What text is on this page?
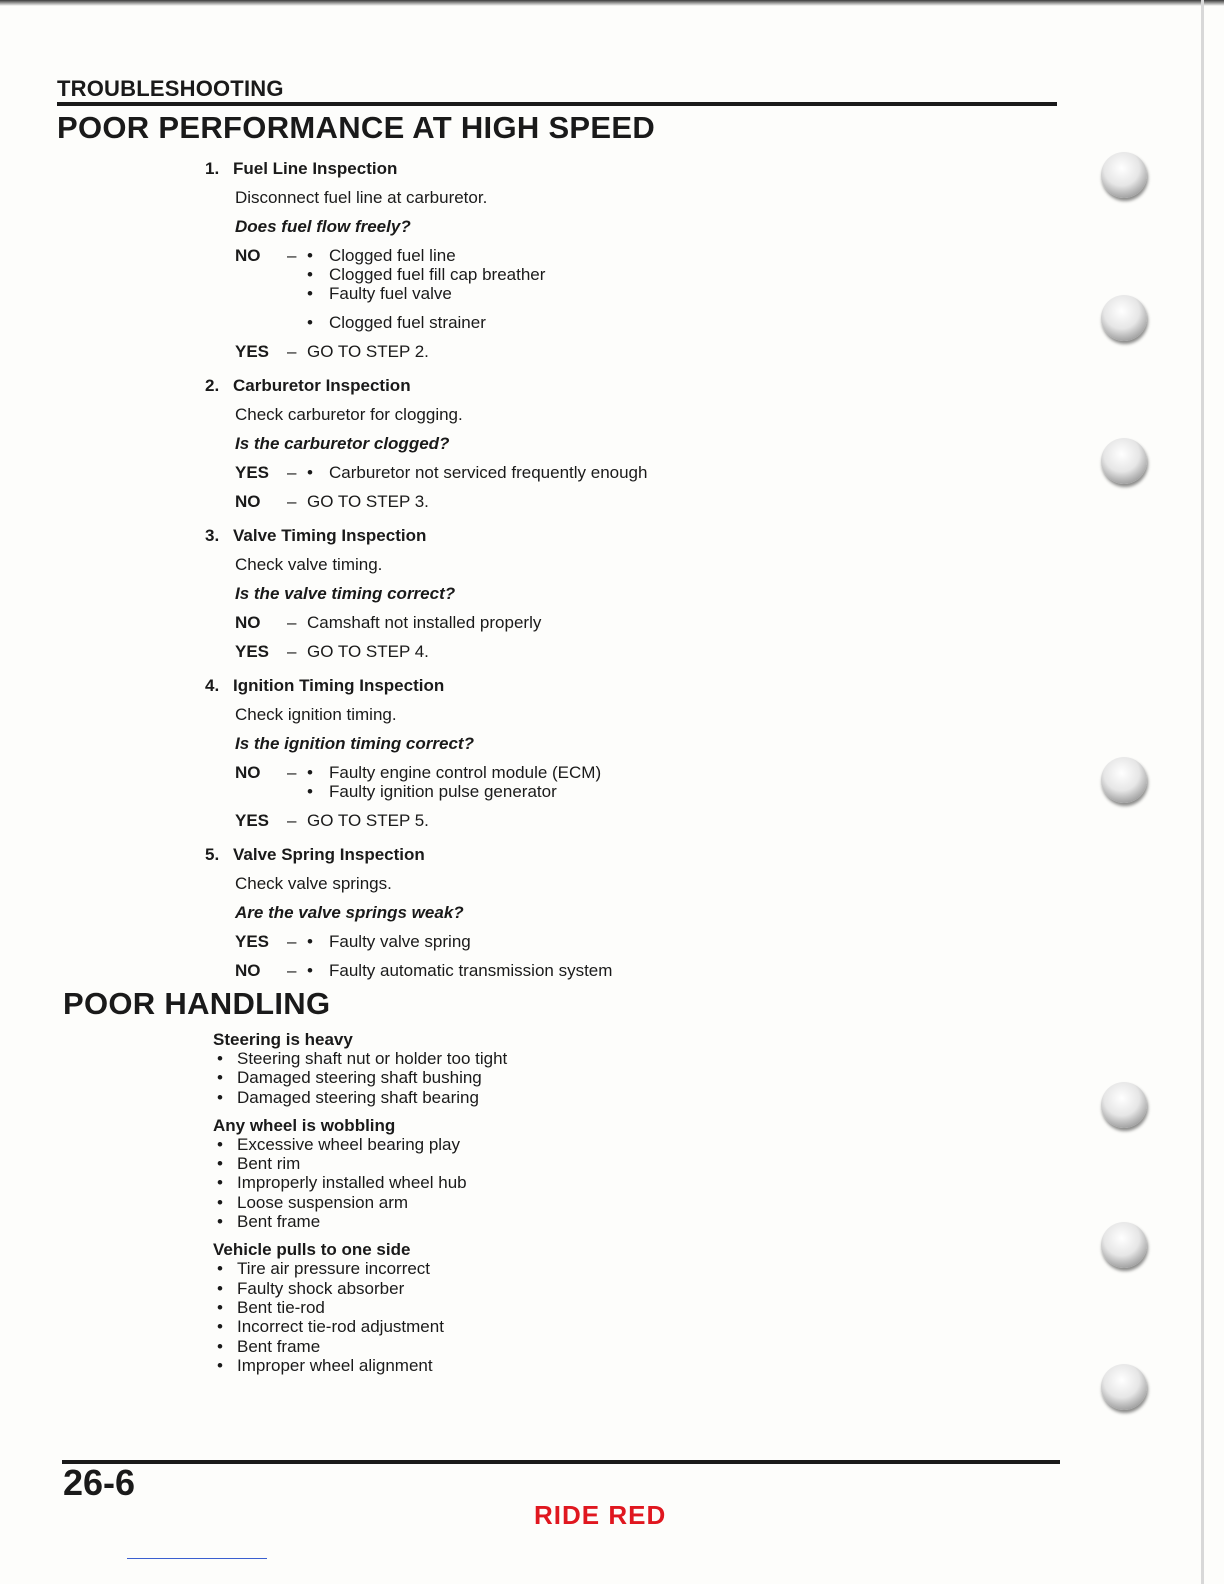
TROUBLESHOOTING
POOR PERFORMANCE AT HIGH SPEED
1. Fuel Line Inspection
Disconnect fuel line at carburetor.
Does fuel flow freely?
NO	–	• Clogged fuel line
• Clogged fuel fill cap breather
• Faulty fuel valve
• Clogged fuel strainer
YES	– GO TO STEP 2.
2. Carburetor Inspection
Check carburetor for clogging.
Is the carburetor clogged?
YES	–	• Carburetor not serviced frequently enough
NO	– GO TO STEP 3.
3. Valve Timing Inspection
Check valve timing.
Is the valve timing correct?
NO	– Camshaft not installed properly
YES	– GO TO STEP 4.
4. Ignition Timing Inspection
Check ignition timing.
Is the ignition timing correct?
NO	–	• Faulty engine control module (ECM)
• Faulty ignition pulse generator
YES	– GO TO STEP 5.
5. Valve Spring Inspection
Check valve springs.
Are the valve springs weak?
YES	–	• Faulty valve spring
NO	–	• Faulty automatic transmission system
POOR HANDLING
Steering is heavy
• Steering shaft nut or holder too tight
• Damaged steering shaft bushing
• Damaged steering shaft bearing
Any wheel is wobbling
• Excessive wheel bearing play
• Bent rim
• Improperly installed wheel hub
• Loose suspension arm
• Bent frame
Vehicle pulls to one side
• Tire air pressure incorrect
• Faulty shock absorber
• Bent tie-rod
• Incorrect tie-rod adjustment
• Bent frame
• Improper wheel alignment
26-6
RIDE RED
